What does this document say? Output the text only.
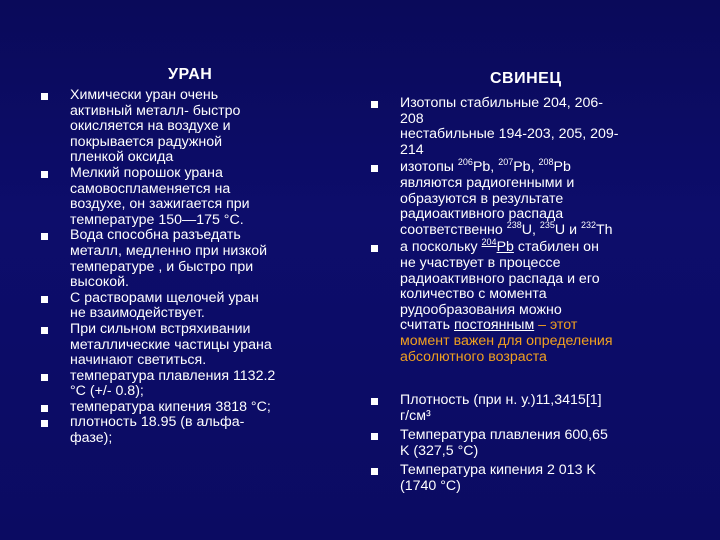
УРАН	СВИНЕЦ
Химически уран очень
активный металл- быстро
окисляется на воздухе и
покрывается радужной
пленкой оксида
Мелкий порошок урана
самовоспламеняется на
воздухе, он зажигается при
температуре 150—175 °С.
Вода способна разъедать
металл, медленно при низкой
температуре , и быстро при
высокой.
С растворами щелочей уран
не взаимодействует.
При сильном встряхивании
металлические частицы урана
начинают светиться.
температура плавления 1132.2
°C (+/- 0.8);
температура кипения 3818 °C;
плотность 18.95 (в альфа-
фазе);
Изотопы стабильные 204, 206-
208
нестабильные 194-203, 205, 209-
214
изотопы $^{206}$Pb, $^{207}$Pb, $^{208}$Pb
являются радиогенными и
образуются в результате
радиоактивного распада
соответственно $^{238}$U, $^{235}$U и $^{232}$Th
а поскольку $^{204}$Pb стабилен он
не участвует в процессе
радиоактивного распада и его
количество с момента
рудообразования можно
считать постоянным – этот
момент важен для определения
абсолютного возраста
Плотность (при н. у.)11,3415[1]
г/см³
Температура плавления 600,65
K (327,5 °C)
Температура кипения 2 013 K
(1740 °C)
